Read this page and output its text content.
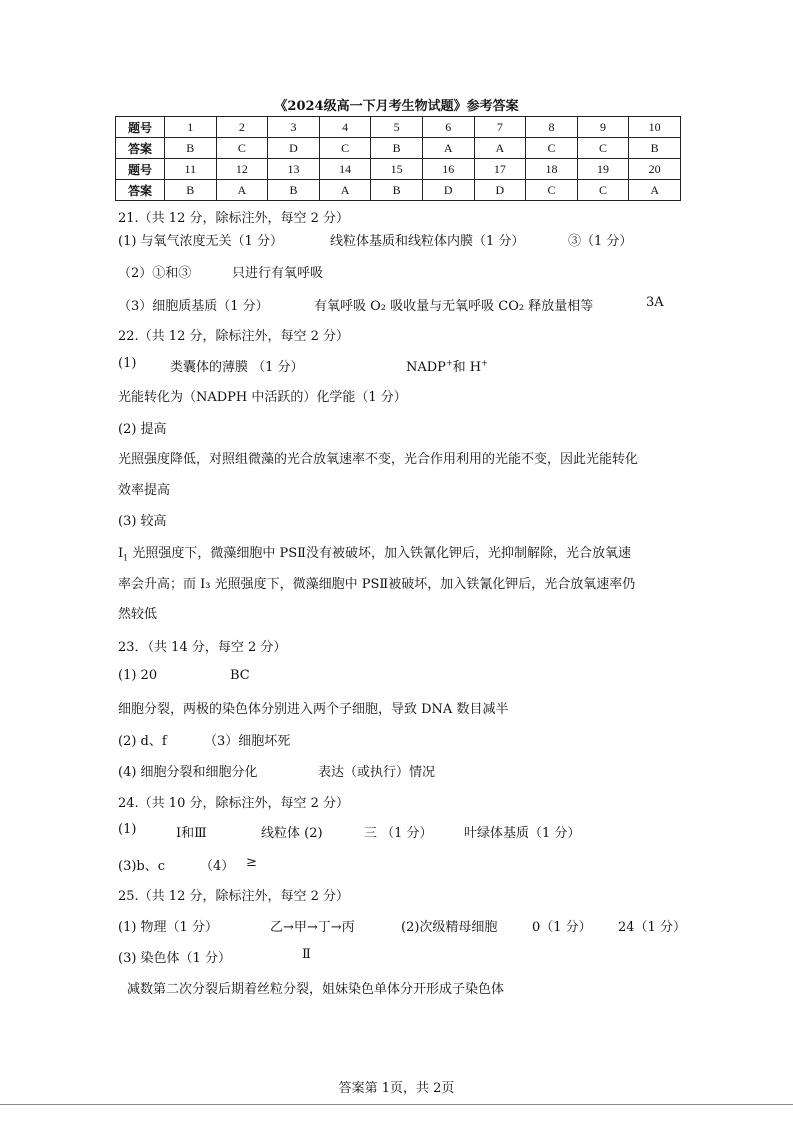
《2024级高一下月考生物试题》参考答案
题号	1	2	3	4	5	6	7	8	9	10
答案	B	C	D	C	B	A	A	C	C	B
题号	11	12	13	14	15	16	17	18	19	20
答案	B	A	B	A	B	D	D	C	C	A
21.（共 12 分，除标注外，每空 2 分）
(1) 与氧气浓度无关（1 分）	线粒体基质和线粒体内膜（1 分）	③（1 分）
（2）①和③	只进行有氧呼吸
（3）细胞质基质（1 分）	有氧呼吸 O₂ 吸收量与无氧呼吸 CO₂ 释放量相等	3A
22.（共 12 分，除标注外，每空 2 分）
(1)	类囊体的薄膜 （1 分）	NADP+和 H+
光能转化为（NADPH 中活跃的）化学能（1 分）
(2) 提高
光照强度降低，对照组微藻的光合放氧速率不变，光合作用利用的光能不变，因此光能转化
效率提高
(3) 较高
$Ⅰ_1$ 光照强度下，微藻细胞中 PSⅡ没有被破坏，加入铁氰化钾后，光抑制解除，光合放氧速
率会升高；而 I₃ 光照强度下，微藻细胞中 PSⅡ被破坏，加入铁氰化钾后，光合放氧速率仍
然较低
23．（共 14 分，每空 2 分）
(1) 20	BC
细胞分裂，两极的染色体分别进入两个子细胞，导致 DNA 数目减半
(2) d、f	（3）细胞坏死
(4) 细胞分裂和细胞分化	表达（或执行）情况
24.（共 10 分，除标注外，每空 2 分）
(1)	Ⅰ和Ⅲ	线粒体 (2)	三 （1 分） 叶绿体基质（1 分）
(3)b、c	（4） ≥
25.（共 12 分，除标注外，每空 2 分）
(1) 物理（1 分）	乙→甲→丁→丙	(2)次级精母细胞	0（1 分） 24（1 分）
(3) 染色体（1 分）	Ⅱ
减数第二次分裂后期着丝粒分裂，姐妹染色单体分开形成子染色体
答案第 1页，共 2页
